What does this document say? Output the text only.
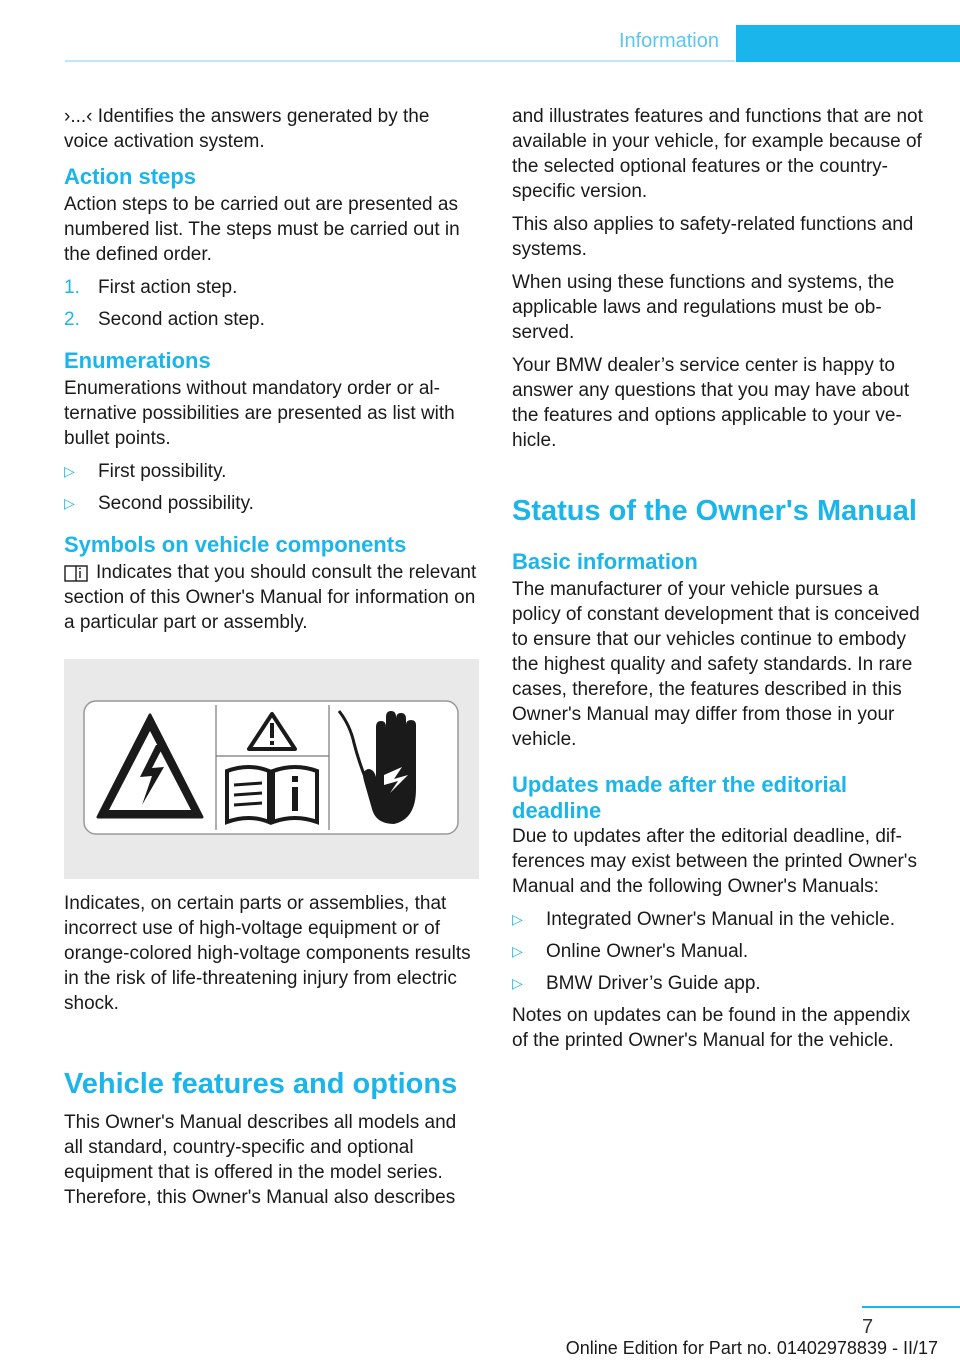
Information

›...‹ Identifies the answers generated by the voice activation system.

Action steps

Action steps to be carried out are presented as numbered list. The steps must be carried out in the defined order.

1. First action step.
2. Second action step.
Enumerations

Enumerations without mandatory order or alternative possibilities are presented as list with bullet points.

▷	First possibility.
▷	Second possibility.
Symbols on vehicle components

Indicates that you should consult the relevant section of this Owner's Manual for information on a particular part or assembly.

Indicates, on certain parts or assemblies, that incorrect use of high-voltage equipment or of orange-colored high-voltage components results in the risk of life-threatening injury from electric shock.

Vehicle features and options

This Owner's Manual describes all models and all standard, country-specific and optional equipment that is offered in the model series. Therefore, this Owner's Manual also describes

and illustrates features and functions that are not available in your vehicle, for example because of the selected optional features or the country-specific version.

This also applies to safety-related functions and systems.

When using these functions and systems, the applicable laws and regulations must be observed.

Your BMW dealer’s service center is happy to answer any questions that you may have about the features and options applicable to your vehicle.

Status of the Owner's Manual
Basic information

The manufacturer of your vehicle pursues a policy of constant development that is conceived to ensure that our vehicles continue to embody the highest quality and safety standards. In rare cases, therefore, the features described in this Owner's Manual may differ from those in your vehicle.

Updates made after the editorial deadline

Due to updates after the editorial deadline, differences may exist between the printed Owner's Manual and the following Owner's Manuals:

▷	Integrated Owner's Manual in the vehicle.
▷	Online Owner's Manual.
▷	BMW Driver’s Guide app.

Notes on updates can be found in the appendix of the printed Owner's Manual for the vehicle.

7
Online Edition for Part no. 01402978839 - II/17
